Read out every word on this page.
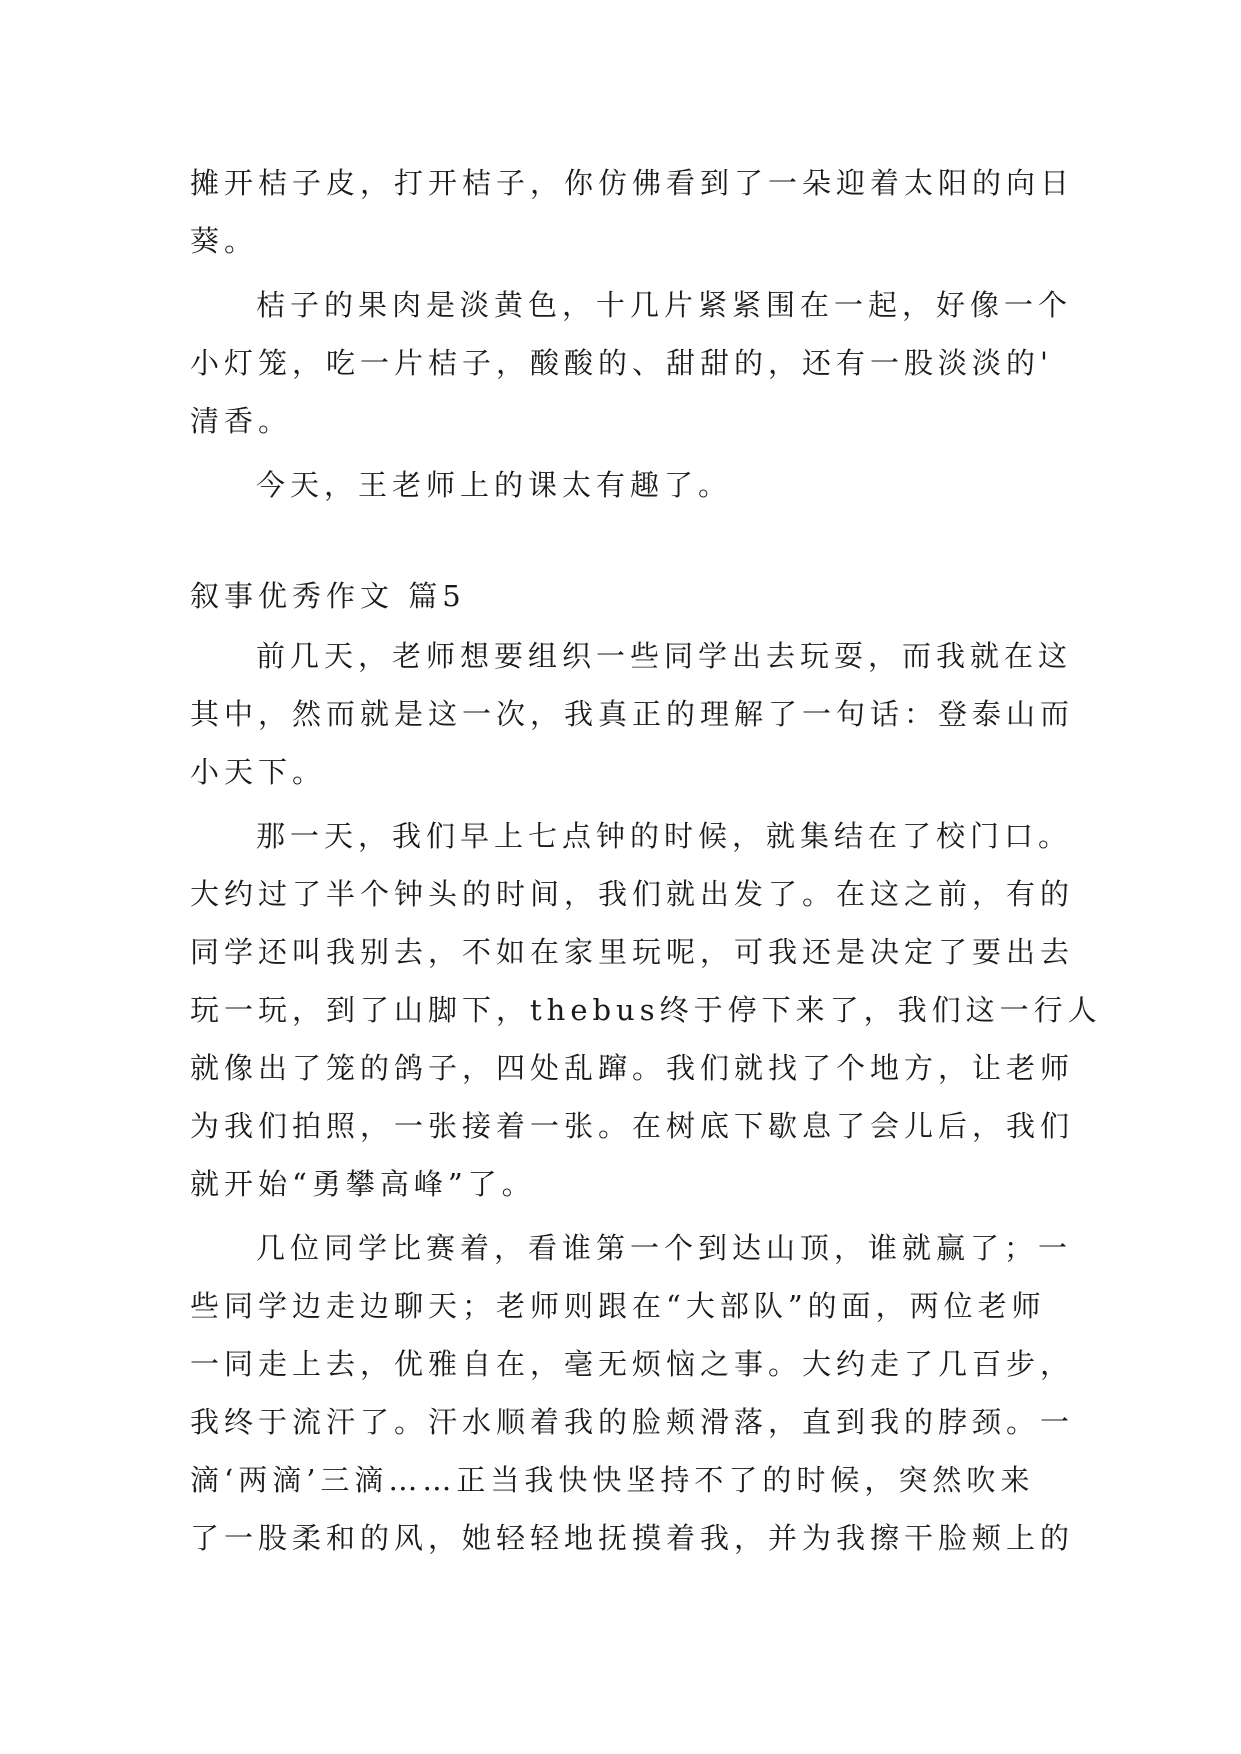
摊开桔子皮，打开桔子，你仿佛看到了一朵迎着太阳的向日
葵。
桔子的果肉是淡黄色，十几片紧紧围在一起，好像一个
小灯笼，吃一片桔子，酸酸的、甜甜的，还有一股淡淡的'
清香。
今天，王老师上的课太有趣了。
叙事优秀作文 篇5
前几天，老师想要组织一些同学出去玩耍，而我就在这
其中，然而就是这一次，我真正的理解了一句话：登泰山而
小天下。
那一天，我们早上七点钟的时候，就集结在了校门口。
大约过了半个钟头的时间，我们就出发了。在这之前，有的
同学还叫我别去，不如在家里玩呢，可我还是决定了要出去
玩一玩，到了山脚下，thebus终于停下来了，我们这一行人
就像出了笼的鸽子，四处乱蹿。我们就找了个地方，让老师
为我们拍照，一张接着一张。在树底下歇息了会儿后，我们
就开始“勇攀高峰”了。
几位同学比赛着，看谁第一个到达山顶，谁就赢了；一
些同学边走边聊天；老师则跟在“大部队”的面，两位老师
一同走上去，优雅自在，毫无烦恼之事。大约走了几百步，
我终于流汗了。汗水顺着我的脸颊滑落，直到我的脖颈。一
滴‘两滴’三滴……正当我快快坚持不了的时候，突然吹来
了一股柔和的风，她轻轻地抚摸着我，并为我擦干脸颊上的
